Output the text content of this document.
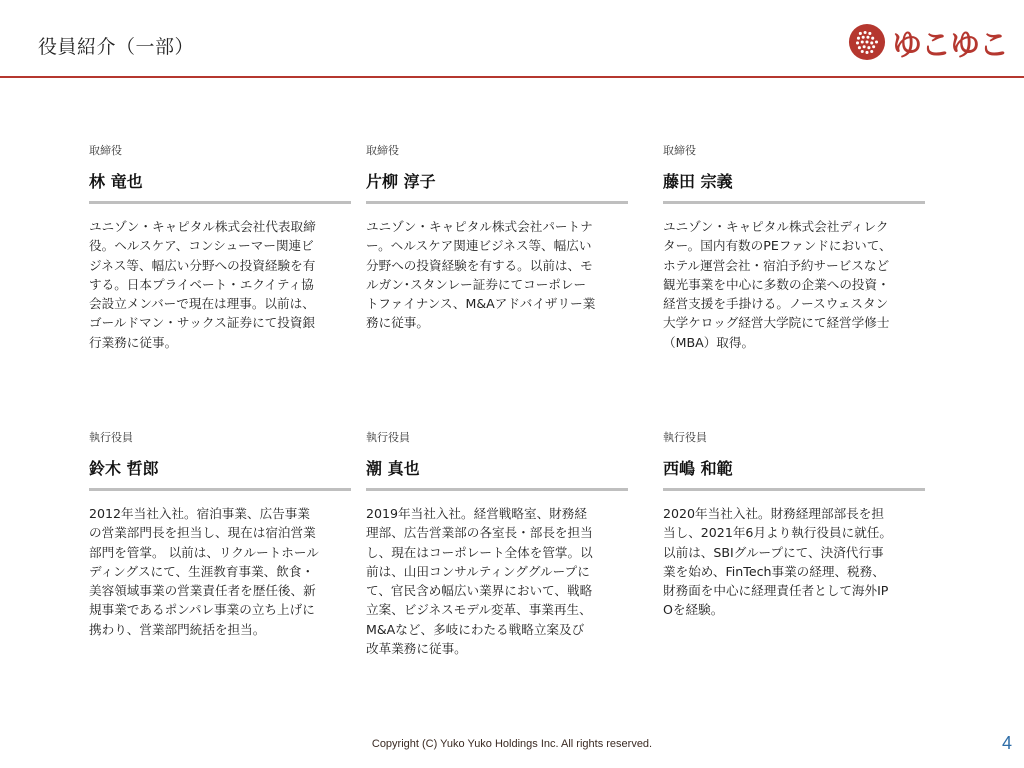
役員紹介（一部）	ゆこゆこ
取締役
林 竜也
ユニゾン・キャピタル株式会社代表取締役。ヘルスケア、コンシューマー関連ビジネス等、幅広い分野への投資経験を有する。日本プライベート・エクイティ協会設立メンバーで現在は理事。以前は、ゴールドマン・サックス証券にて投資銀行業務に従事。
取締役
片柳 淳子
ユニゾン・キャピタル株式会社パートナー。ヘルスケア関連ビジネス等、幅広い分野への投資経験を有する。以前は、モルガン･スタンレー証券にてコーポレートファイナンス、M&Aアドバイザリー業務に従事。
取締役
藤田 宗義
ユニゾン・キャピタル株式会社ディレクター。国内有数のPEファンドにおいて、ホテル運営会社・宿泊予約サービスなど観光事業を中心に多数の企業への投資・経営支援を手掛ける。ノースウェスタン大学ケロッグ経営大学院にて経営学修士（MBA）取得。
執行役員
鈴木 哲郎
2012年当社入社。宿泊事業、広告事業の営業部門長を担当し、現在は宿泊営業部門を管掌。 以前は、リクルートホールディングスにて、生涯教育事業、飲食・美容領域事業の営業責任者を歴任後、新規事業であるポンパレ事業の立ち上げに携わり、営業部門統括を担当。
執行役員
潮 真也
2019年当社入社。経営戦略室、財務経理部、広告営業部の各室長・部長を担当し、現在はコーポレート全体を管掌。以前は、山田コンサルティンググループにて、官民含め幅広い業界において、戦略立案、ビジネスモデル変革、事業再生、M&Aなど、多岐にわたる戦略立案及び改革業務に従事。
執行役員
西嶋 和範
2020年当社入社。財務経理部部長を担当し、2021年6月より執行役員に就任。以前は、SBIグループにて、決済代行事業を始め、FinTech事業の経理、税務、財務面を中心に経理責任者として海外IPOを経験。
Copyright (C) Yuko Yuko Holdings Inc. All rights reserved.	4
